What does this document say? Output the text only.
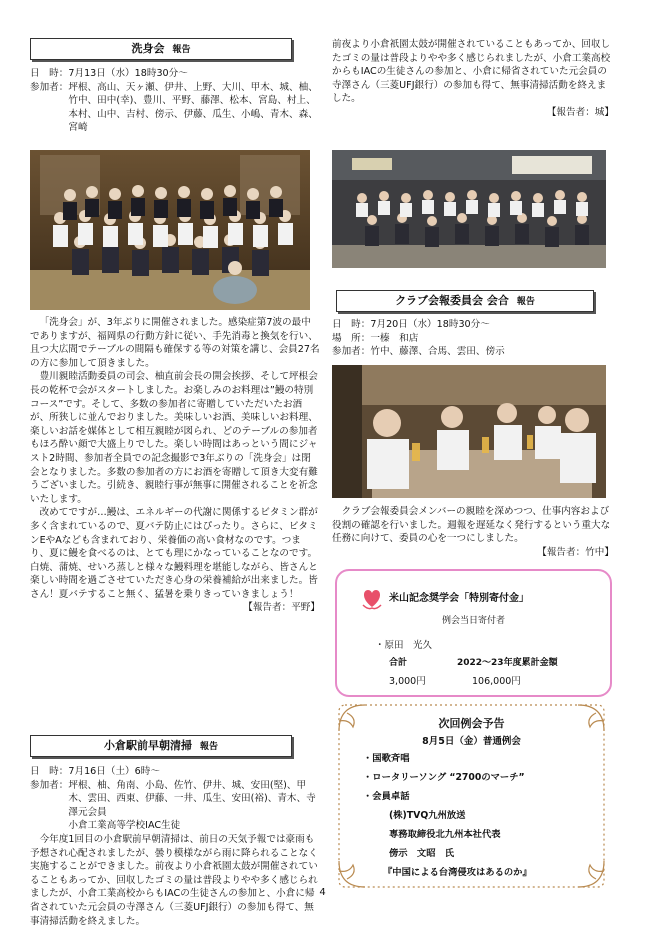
洗身会 報告
日　時： 7月13日（水）18時30分～
参加者： 坪根、高山、天ヶ瀬、伊井、上野、大川、甲木、城、柚、竹中、田中(幸)、豊川、平野、藤澤、松本、宮島、村上、本村、山中、吉村、傍示、伊藤、瓜生、小嶋、青木、森、宮崎

「洗身会」が、3年ぶりに開催されました。感染症第7波の最中でありますが、福岡県の行動方針に従い、手先消毒と換気を行い、且つ大広間でテーブルの間隔も確保する等の対策を講じ、会員27名の方に参加して頂きました。

豊川親睦活動委員の司会、柚直前会長の開会挨拶、そして坪根会長の乾杯で会がスタートしました。お楽しみのお料理は”鰻の特別コース”です。そして、多数の参加者に寄贈していただいたお酒が、所狭しに並んでおりました。美味しいお酒、美味しいお料理、楽しいお話を媒体として相互親睦が図られ、どのテーブルの参加者もほろ酔い顔で大盛上りでした。楽しい時間はあっという間にジャスト2時間、参加者全員での記念撮影で3年ぶりの「洗身会」は閉会となりました。多数の参加者の方にお酒を寄贈して頂き大変有難うございました。引続き、親睦行事が無事に開催されることを祈念いたします。

改めてですが…鰻は、エネルギーの代謝に関係するビタミン群が多く含まれているので、夏バテ防止にはぴったり。さらに、ビタミンEやAなども含まれており、栄養価の高い食材なのです。つまり、夏に鰻を食べるのは、とても理にかなっていることなのです。白焼、蒲焼、せいろ蒸しと様々な鰻料理を堪能しながら、皆さんと楽しい時間を過ごさせていただき心身の栄養補給が出来ました。皆さん！夏バテすること無く、猛暑を乗りきっていきましょう！

【報告者：平野】

小倉駅前早朝清掃 報告
日　時： 7月16日（土）6時～
参加者： 坪根、柚、角南、小島、佐竹、伊井、城、安田(堅)、甲木、雲田、西東、伊藤、一井、瓜生、安田(裕)、青木、寺澤元会員
小倉工業高等学校IAC生徒

今年度1回目の小倉駅前早朝清掃は、前日の天気予報では豪雨も予想され心配されましたが、曇り模様ながら雨に降られることなく実施することができました。前夜より小倉祇園太鼓が開催されていることもあってか、回収したゴミの量は普段よりやや多く感じられましたが、小倉工業高校からもIACの生徒さんの参加と、小倉に帰省されていた元会員の寺澤さん（三菱UFJ銀行）の参加も得て、無事清掃活動を終えました。

前夜より小倉祇園太鼓が開催されていることもあってか、回収したゴミの量は普段よりやや多く感じられましたが、小倉工業高校からもIACの生徒さんの参加と、小倉に帰省されていた元会員の寺澤さん（三菱UFJ銀行）の参加も得て、無事清掃活動を終えました。

【報告者：城】

クラブ会報委員会 会合 報告
日　時： 7月20日（水）18時30分～
場　所： 一榛　和店
参加者： 竹中、藤澤、合馬、雲田、傍示

クラブ会報委員会メンバーの親睦を深めつつ、仕事内容および役割の確認を行いました。週報を遅延なく発行するという重大な任務に向けて、委員の心を一つにしました。

【報告者：竹中】

米山記念奨学会「特別寄付金」
例会当日寄付者
・原田　光久
合計	2022～23年度累計金額
3,000円	106,000円
次回例会予告
8月5日（金）普通例会
・国歌斉唱
・ロータリーソング “2700のマーチ”
・会員卓話
(株)TVQ九州放送
専務取締役北九州本社代表
傍示　文昭　氏
『中国による台湾侵攻はあるのか』
4
